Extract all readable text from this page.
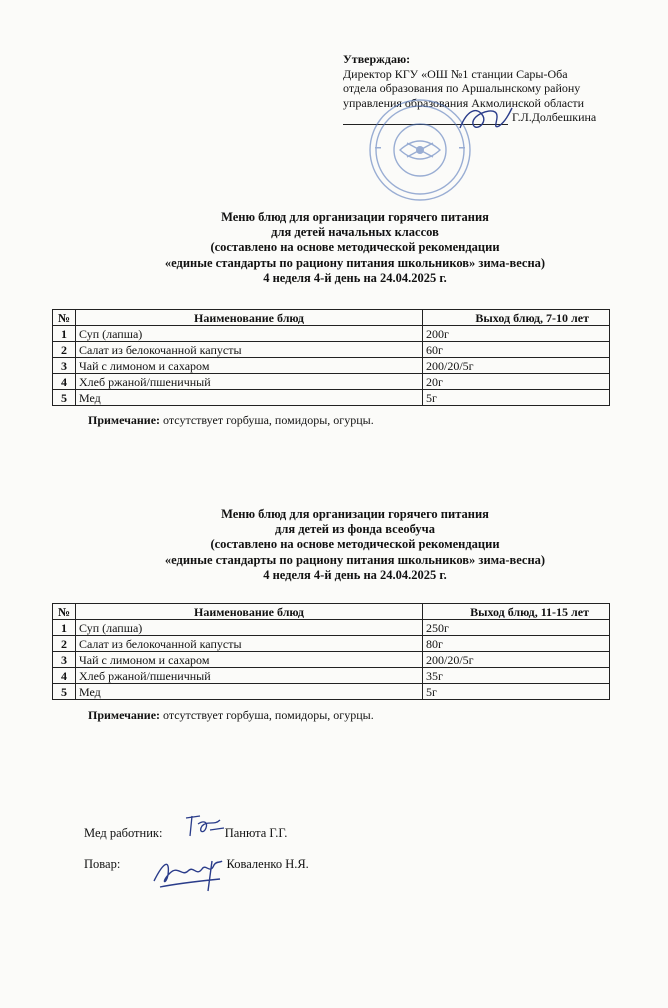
Утверждаю:
Директор КГУ «ОШ №1 станции Сары-Оба
отдела образования по Аршалынскому району
управления образования Акмолинской области
Г.Л.Долбешкина
Меню блюд для организации горячего питания
для детей начальных классов
(составлено на основе методической рекомендации
«единые стандарты по рациону питания школьников» зима-весна)
4 неделя 4-й день на 24.04.2025 г.
№	Наименование блюд	Выход блюд, 7-10 лет
1	Суп (лапша)	200г
2	Салат из белокочанной капусты	60г
3	Чай с лимоном и сахаром	200/20/5г
4	Хлеб ржаной/пшеничный	20г
5	Мед	5г
Примечание: отсутствует горбуша, помидоры, огурцы.
Меню блюд для организации горячего питания
для детей из фонда всеобуча
(составлено на основе методической рекомендации
«единые стандарты по рациону питания школьников» зима-весна)
4 неделя 4-й день на 24.04.2025 г.
№	Наименование блюд	Выход блюд, 11-15 лет
1	Суп (лапша)	250г
2	Салат из белокочанной капусты	80г
3	Чай с лимоном и сахаром	200/20/5г
4	Хлеб ржаной/пшеничный	35г
5	Мед	5г
Примечание: отсутствует горбуша, помидоры, огурцы.
Мед работник:	Панюта Г.Г.
Повар:	Коваленко Н.Я.
